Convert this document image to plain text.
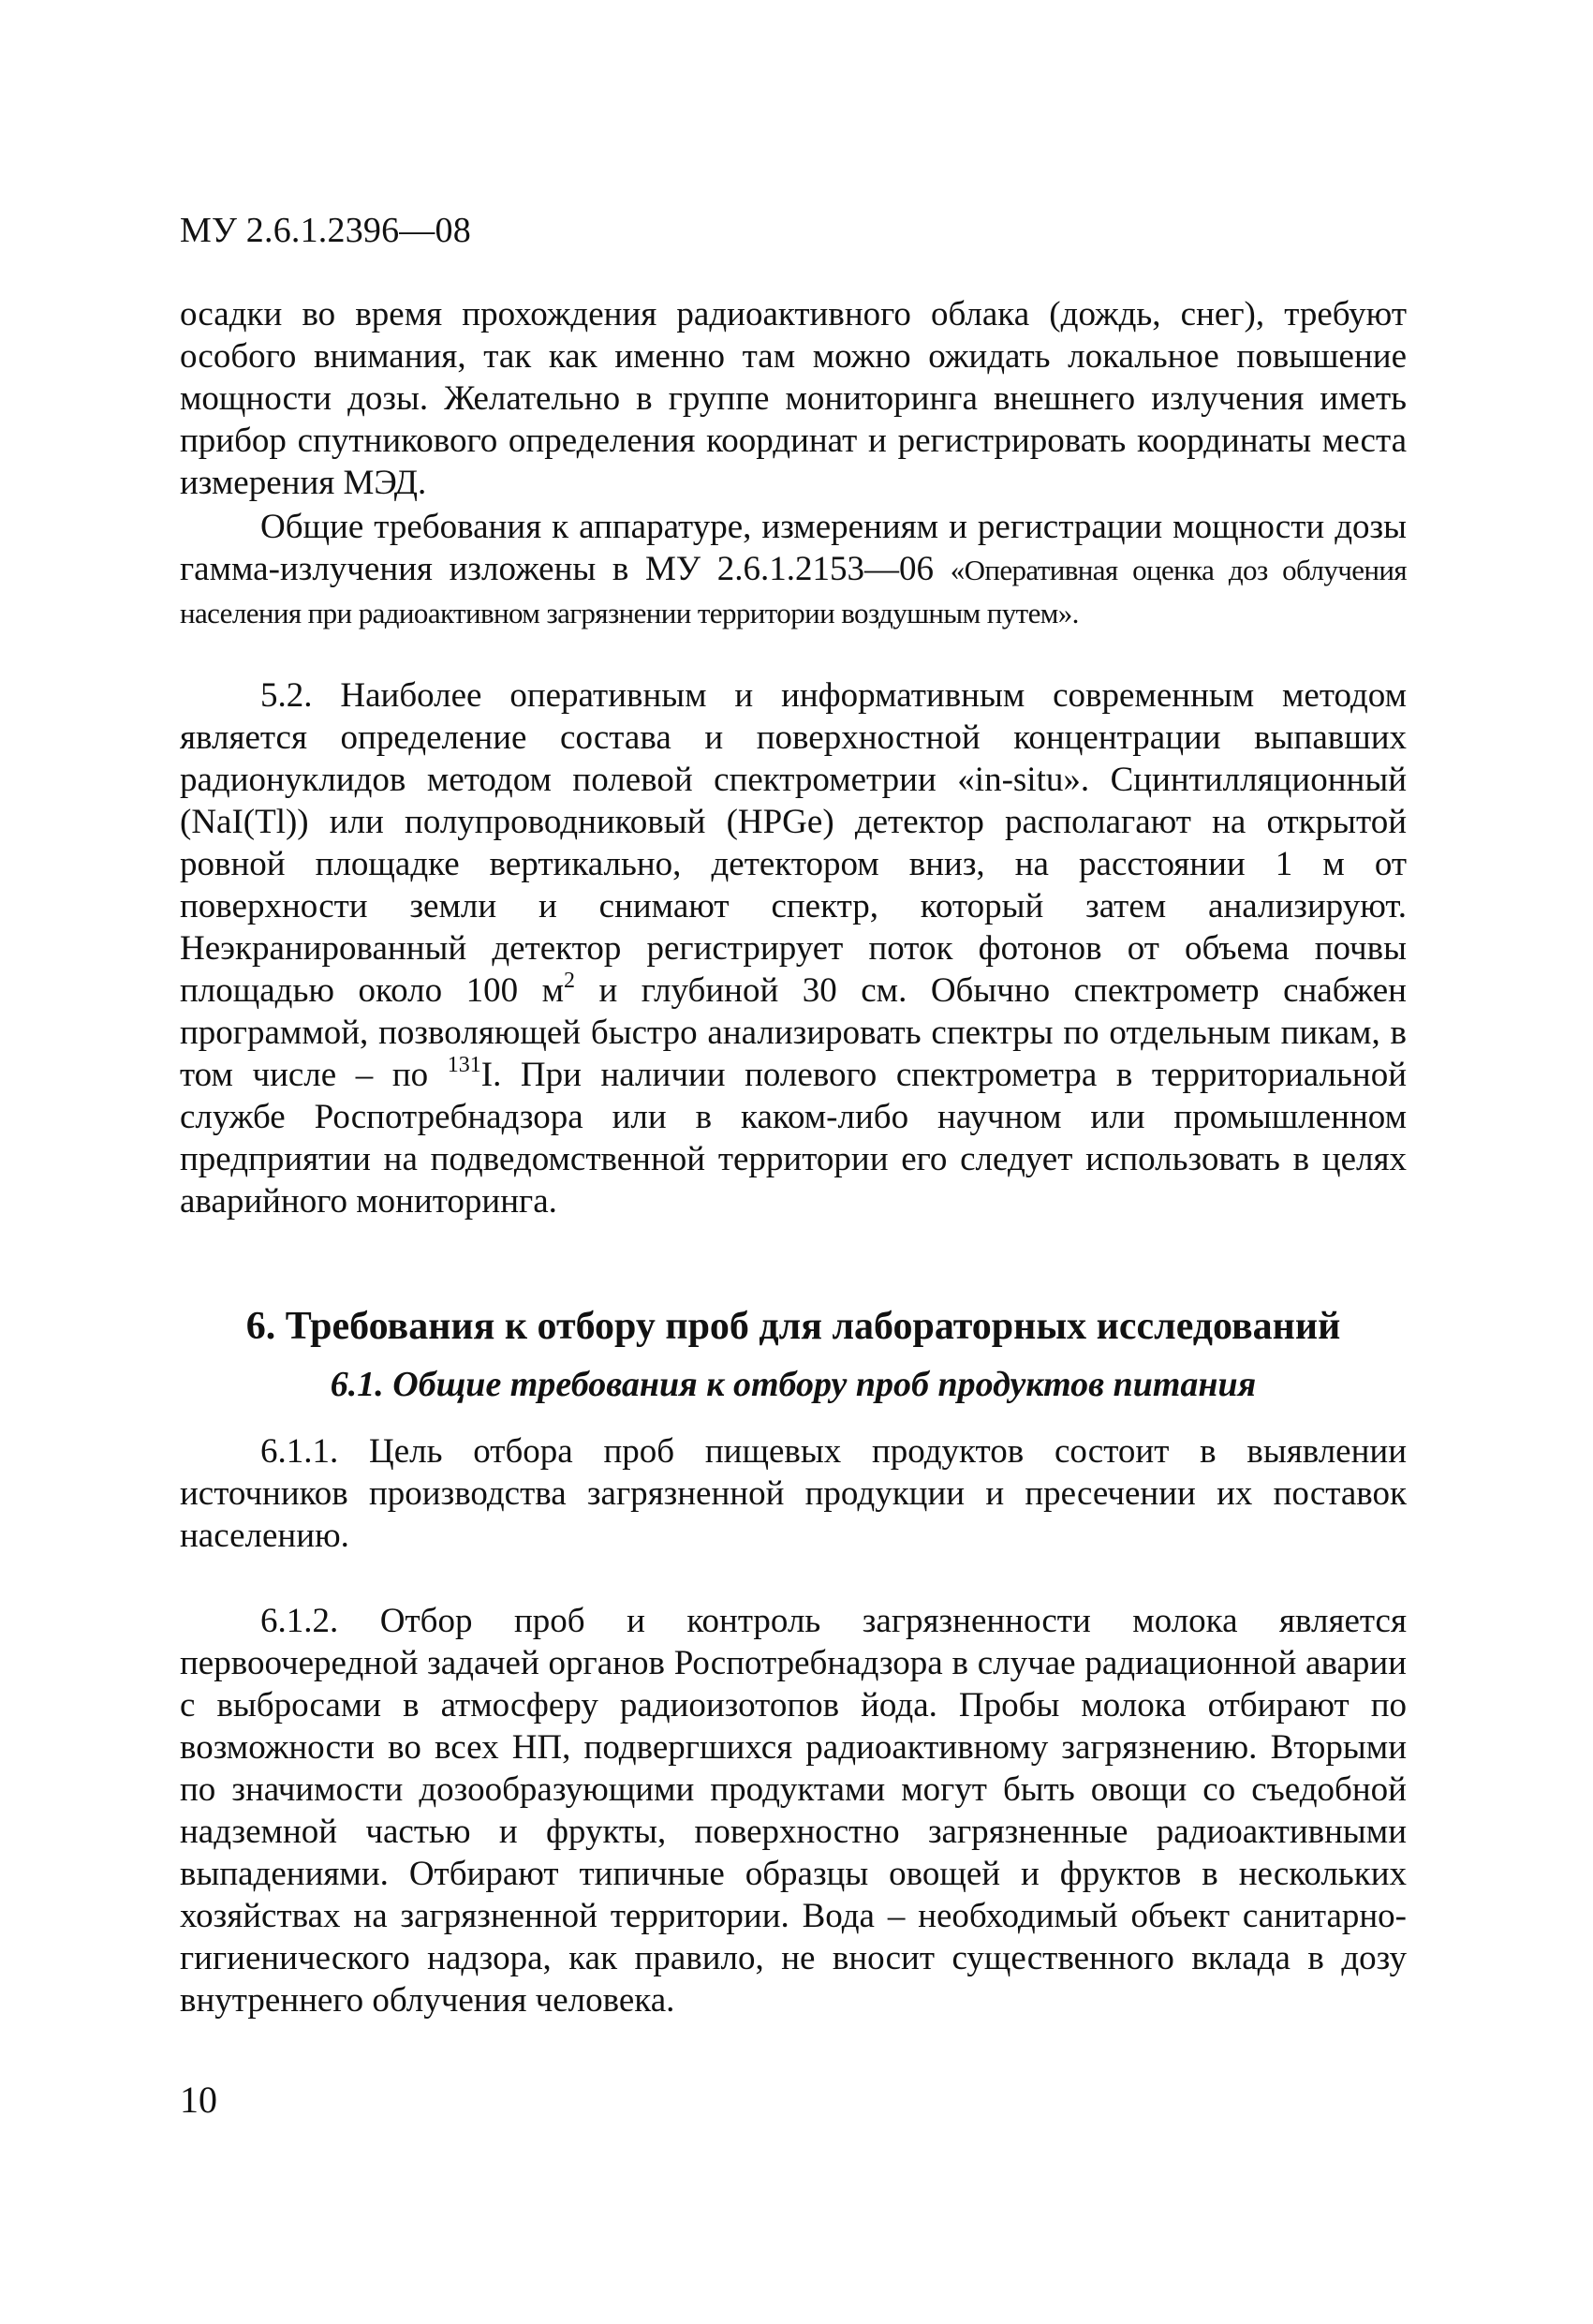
МУ 2.6.1.2396—08

осадки во время прохождения радиоактивного облака (дождь, снег), требуют особого внимания, так как именно там можно ожидать локальное повышение мощности дозы. Желательно в группе мониторинга внешнего излучения иметь прибор спутникового определения координат и регистрировать координаты места измерения МЭД.

Общие требования к аппаратуре, измерениям и регистрации мощности дозы гамма-излучения изложены в МУ 2.6.1.2153—06 «Оперативная оценка доз облучения населения при радиоактивном загрязнении территории воздушным путем».

5.2. Наиболее оперативным и информативным современным методом является определение состава и поверхностной концентрации выпавших радионуклидов методом полевой спектрометрии «in-situ». Сцинтилляционный (NaI(Tl)) или полупроводниковый (HPGe) детектор располагают на открытой ровной площадке вертикально, детектором вниз, на расстоянии 1 м от поверхности земли и снимают спектр, который затем анализируют. Неэкранированный детектор регистрирует поток фотонов от объема почвы площадью около 100 $м^2$ и глубиной 30 см. Обычно спектрометр снабжен программой, позволяющей быстро анализировать спектры по отдельным пикам, в том числе – по $^{131}$I. При наличии полевого спектрометра в территориальной службе Роспотребнадзора или в каком-либо научном или промышленном предприятии на подведомственной территории его следует использовать в целях аварийного мониторинга.

6. Требования к отбору проб для лабораторных исследований
6.1. Общие требования к отбору проб продуктов питания

6.1.1. Цель отбора проб пищевых продуктов состоит в выявлении источников производства загрязненной продукции и пресечении их поставок населению.

6.1.2. Отбор проб и контроль загрязненности молока является первоочередной задачей органов Роспотребнадзора в случае радиационной аварии с выбросами в атмосферу радиоизотопов йода. Пробы молока отбирают по возможности во всех НП, подвергшихся радиоактивному загрязнению. Вторыми по значимости дозообразующими продуктами могут быть овощи со съедобной надземной частью и фрукты, поверхностно загрязненные радиоактивными выпадениями. Отбирают типичные образцы овощей и фруктов в нескольких хозяйствах на загрязненной территории. Вода – необходимый объект санитарно-гигиенического надзора, как правило, не вносит существенного вклада в дозу внутреннего облучения человека.

10
